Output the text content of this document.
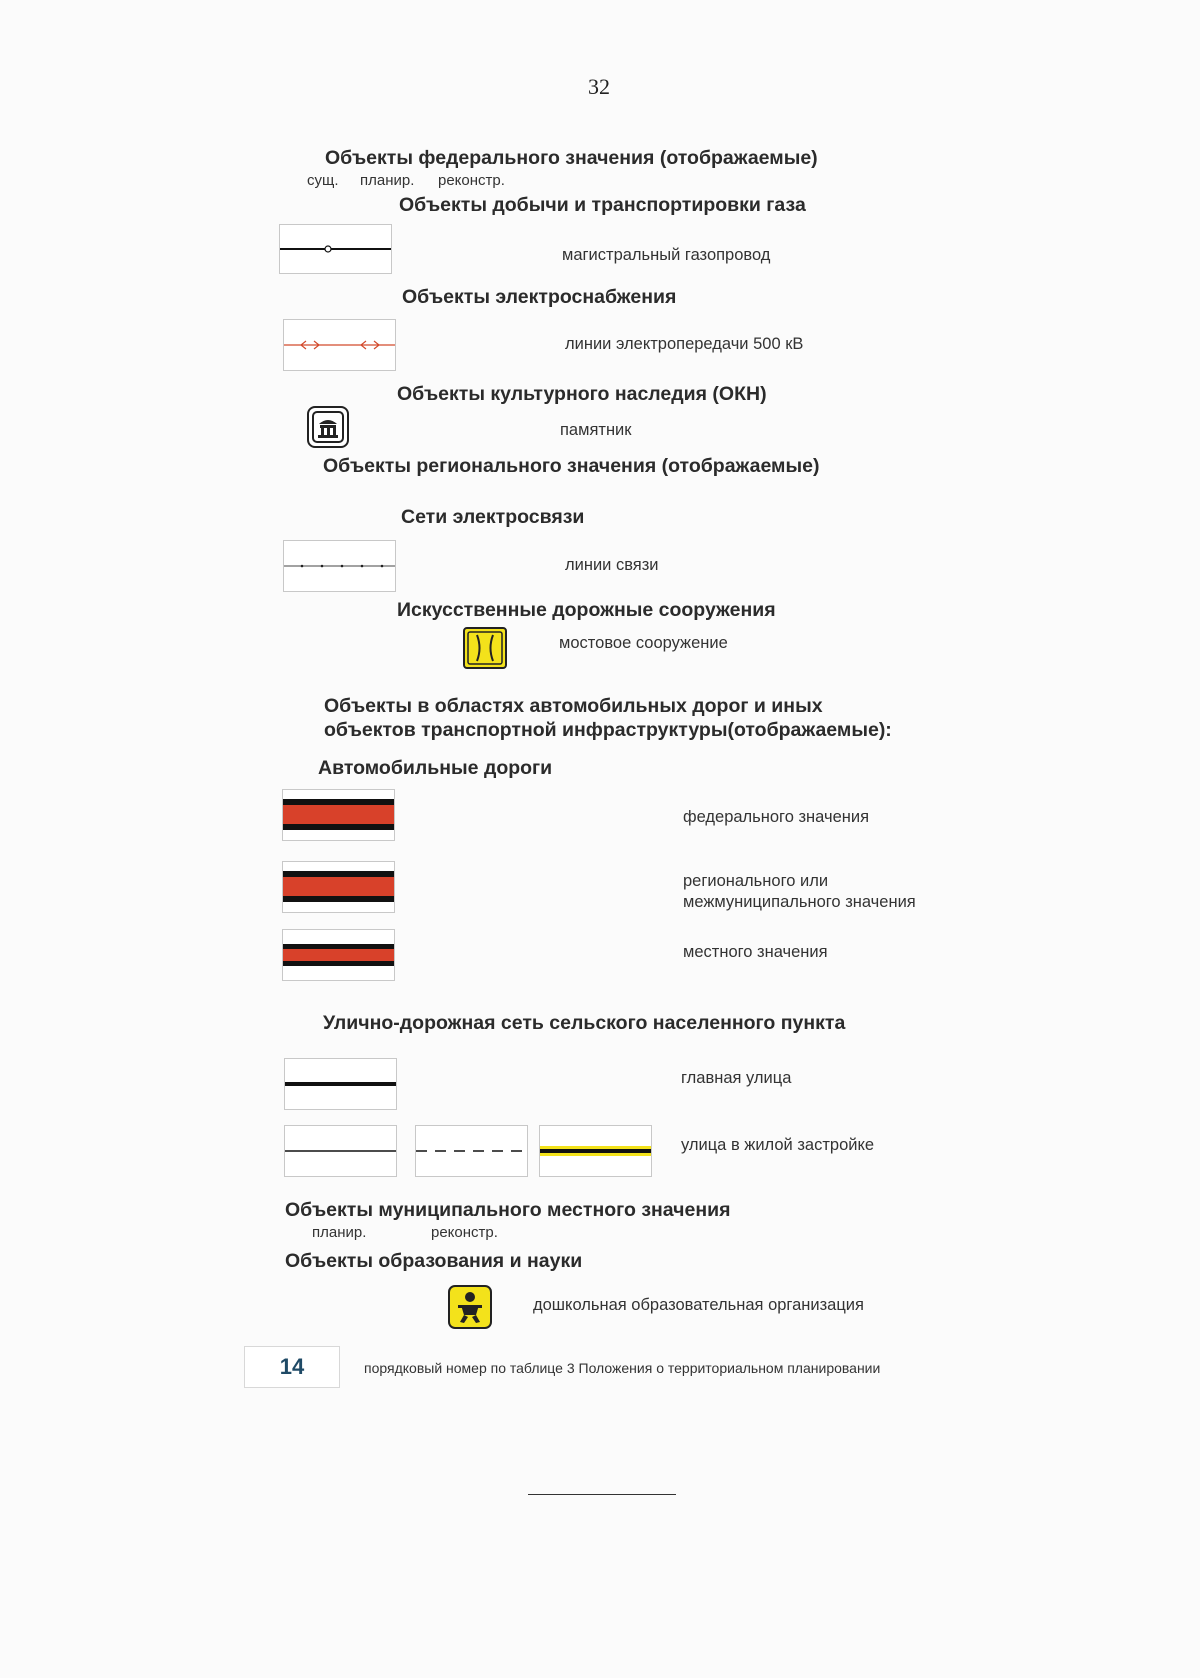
32
Объекты федерального значения (отображаемые)
сущ. планир. реконстр.
Объекты добычи и транспортировки газа
магистральный газопровод
Объекты электроснабжения
линии электропередачи 500 кВ
Объекты культурного наследия (ОКН)
памятник
Объекты регионального значения (отображаемые)
Сети электросвязи
линии связи
Искусственные дорожные сооружения
мостовое сооружение
Объекты в областях автомобильных дорог и иных
объектов транспортной инфраструктуры(отображаемые):
Автомобильные дороги
федерального значения
регионального или
межмуниципального значения
местного значения
Улично-дорожная сеть сельского населенного пункта
главная улица
улица в жилой застройке
Объекты муниципального местного значения
планир.	реконстр.
Объекты образования и науки
дошкольная образовательная организация
14	порядковый номер по таблице 3 Положения о территориальном планировании
